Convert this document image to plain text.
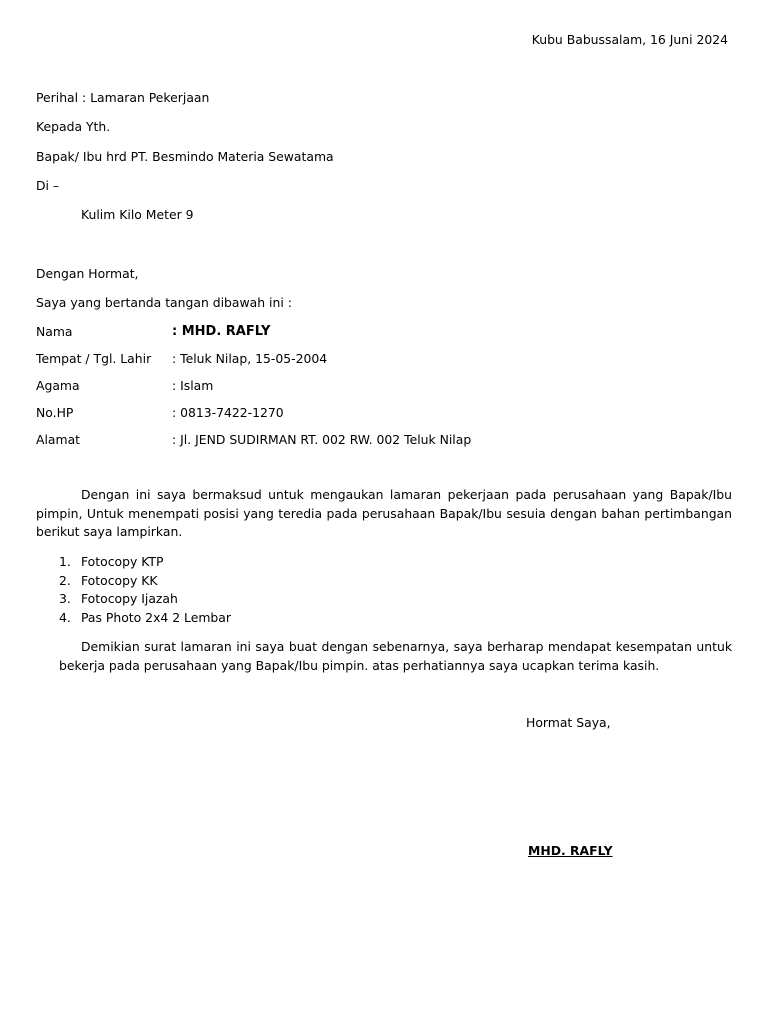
Kubu Babussalam, 16 Juni 2024
Perihal : Lamaran Pekerjaan
Kepada Yth.
Bapak/ Ibu hrd PT. Besmindo Materia Sewatama
Di –
Kulim Kilo Meter 9
Dengan Hormat,
Saya yang bertanda tangan dibawah ini :
Nama	: MHD. RAFLY
Tempat / Tgl. Lahir : Teluk Nilap, 15-05-2004
Agama	: Islam
No.HP	: 0813-7422-1270
Alamat	: Jl. JEND SUDIRMAN RT. 002 RW. 002 Teluk Nilap
Dengan ini saya bermaksud untuk mengaukan lamaran pekerjaan pada perusahaan yang Bapak/Ibu pimpin, Untuk menempati posisi yang teredia pada perusahaan Bapak/Ibu sesuia dengan bahan pertimbangan berikut saya lampirkan.
1. Fotocopy KTP
2. Fotocopy KK
3. Fotocopy Ijazah
4. Pas Photo 2x4 2 Lembar
Demikian surat lamaran ini saya buat dengan sebenarnya, saya berharap mendapat kesempatan untuk bekerja pada perusahaan yang Bapak/Ibu pimpin. atas perhatiannya saya ucapkan terima kasih.
Hormat Saya,
MHD. RAFLY
